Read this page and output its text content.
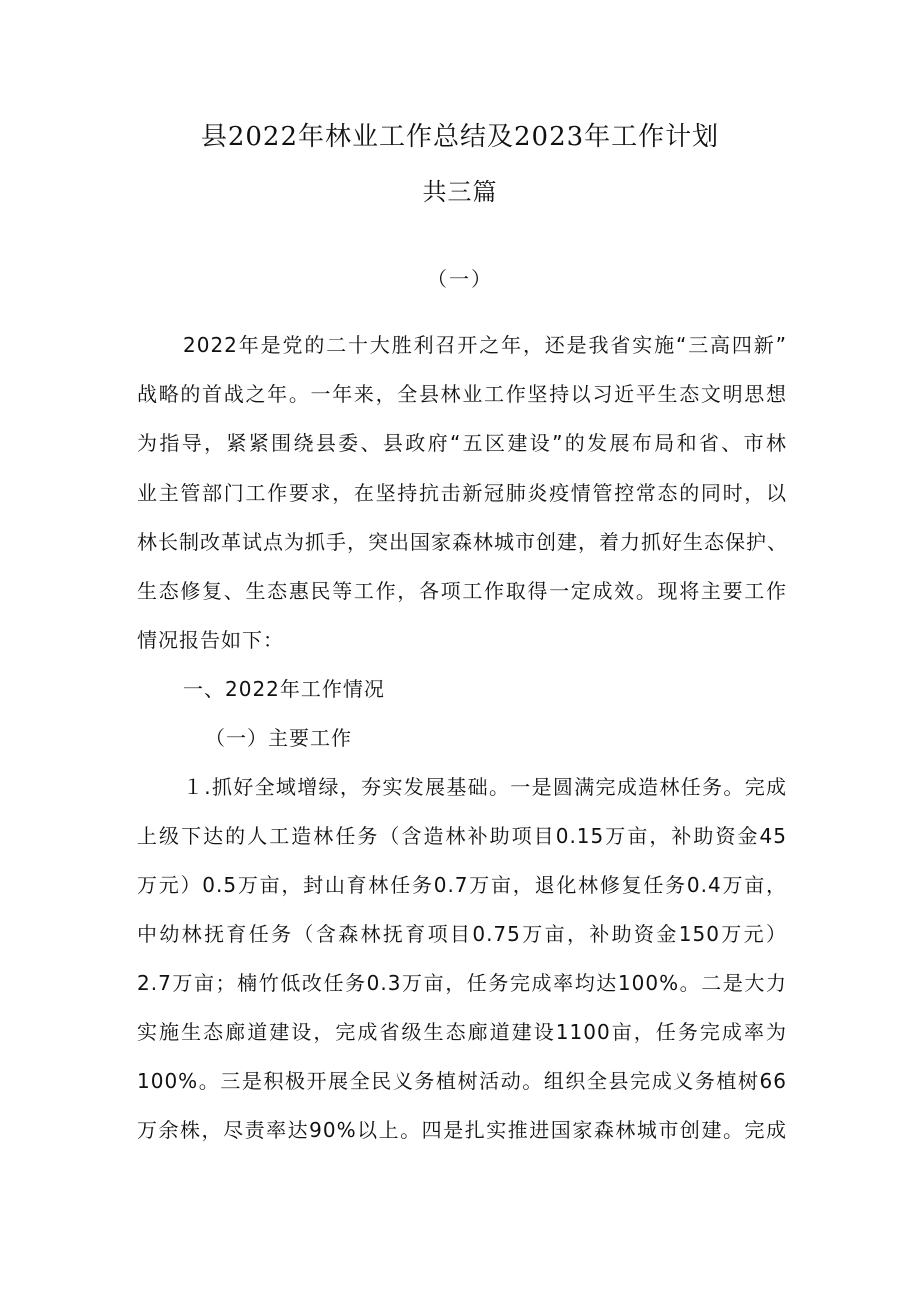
县2022年林业工作总结及2023年工作计划
共三篇
（一）
2022年是党的二十大胜利召开之年，还是我省实施“三高四新”
战略的首战之年。一年来，全县林业工作坚持以习近平生态文明思想
为指导，紧紧围绕县委、县政府“五区建设”的发展布局和省、市林
业主管部门工作要求，在坚持抗击新冠肺炎疫情管控常态的同时，以
林长制改革试点为抓手，突出国家森林城市创建，着力抓好生态保护、
生态修复、生态惠民等工作，各项工作取得一定成效。现将主要工作
情况报告如下：
一、2022年工作情况
（一）主要工作
１.抓好全域增绿，夯实发展基础。一是圆满完成造林任务。完成
上级下达的人工造林任务（含造林补助项目0.15万亩，补助资金45
万元）0.5万亩，封山育林任务0.7万亩，退化林修复任务0.4万亩，
中幼林抚育任务（含森林抚育项目0.75万亩，补助资金150万元）
2.7万亩；楠竹低改任务0.3万亩，任务完成率均达100%。二是大力
实施生态廊道建设，完成省级生态廊道建设1100亩，任务完成率为
100%。三是积极开展全民义务植树活动。组织全县完成义务植树66
万余株，尽责率达90%以上。四是扎实推进国家森林城市创建。完成
